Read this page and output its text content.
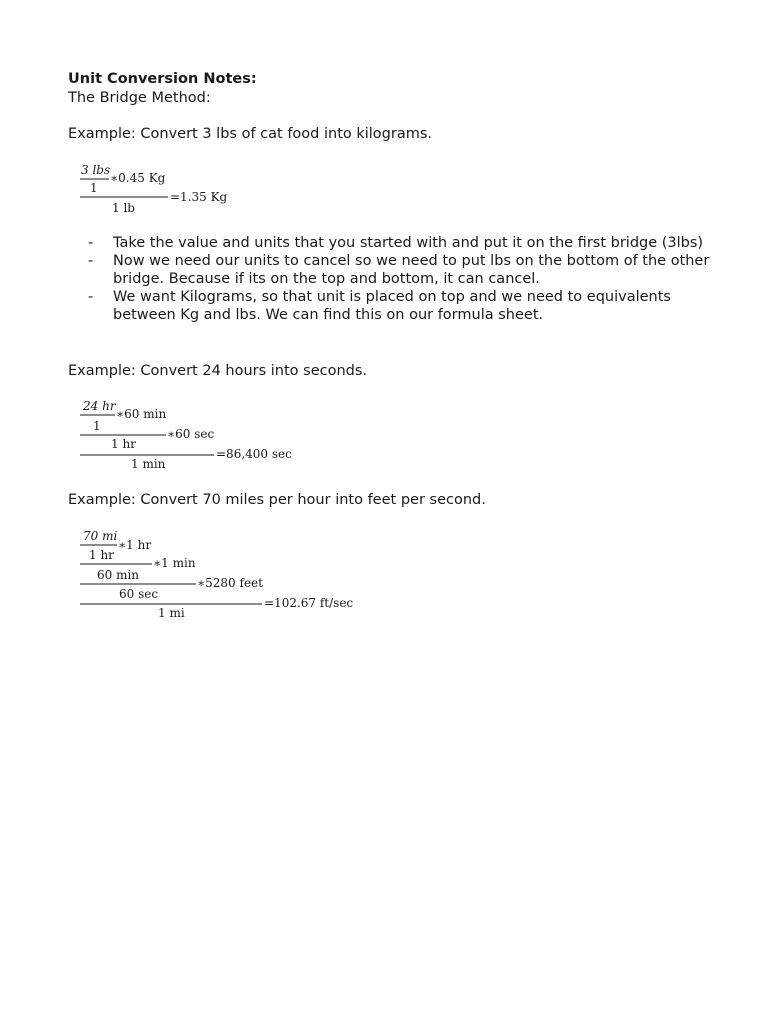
Unit Conversion Notes:
The Bridge Method:
Example: Convert 3 lbs of cat food into kilograms.
3 lbs
1
∗0.45 Kg
1 lb
=1.35 Kg
- Take the value and units that you started with and put it on the first bridge (3lbs)
- Now we need our units to cancel so we need to put lbs on the bottom of the other bridge. Because if its on the top and bottom, it can cancel.
- We want Kilograms, so that unit is placed on top and we need to equivalents between Kg and lbs. We can find this on our formula sheet.
Example: Convert 24 hours into seconds.
24 hr
1
∗60 min
1 hr
∗60 sec
1 min
=86,400 sec
Example: Convert 70 miles per hour into feet per second.
70 mi
1 hr
∗1 hr
60 min
∗1 min
60 sec
∗5280 feet
1 mi
=102.67 ft/sec
